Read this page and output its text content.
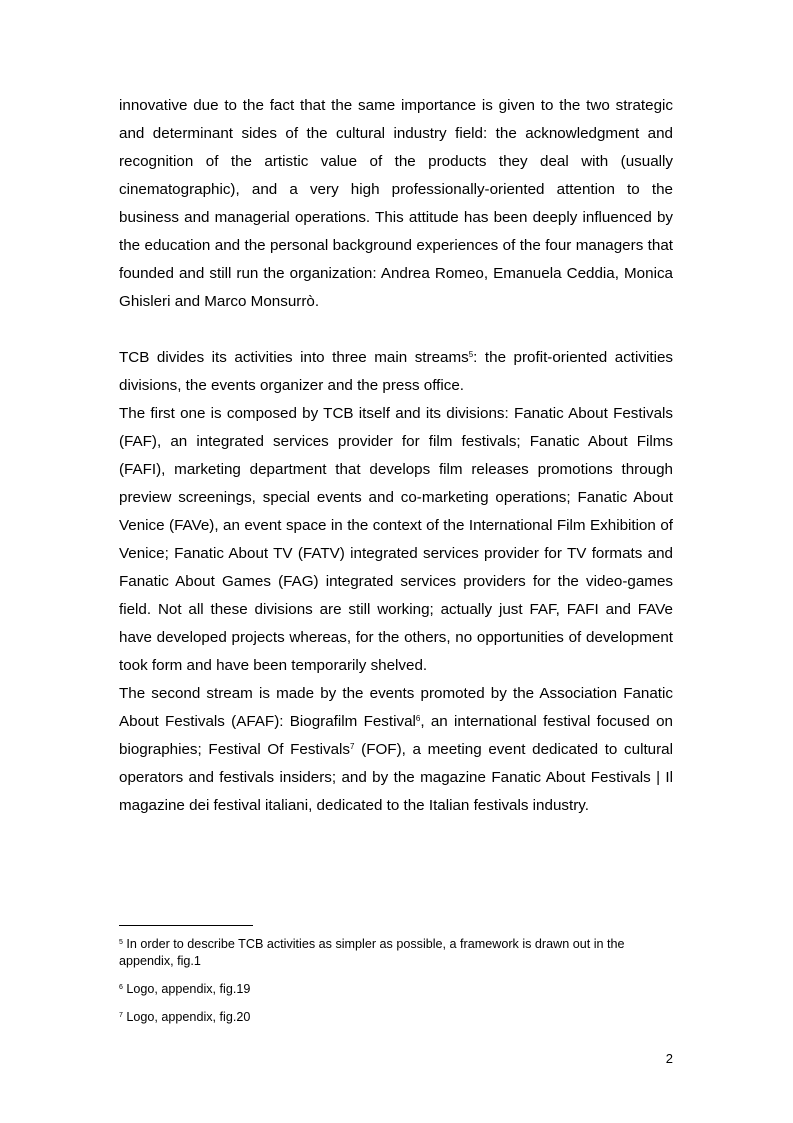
innovative due to the fact that the same importance is given to the two strategic and determinant sides of the cultural industry field: the acknowledgment and recognition of the artistic value of the products they deal with (usually cinematographic), and a very high professionally-oriented attention to the business and managerial operations. This attitude has been deeply influenced by the education and the personal background experiences of the four managers that founded and still run the organization: Andrea Romeo, Emanuela Ceddia, Monica Ghisleri and Marco Monsurrò.

TCB divides its activities into three main streams$^5$: the profit-oriented activities divisions, the events organizer and the press office.

The first one is composed by TCB itself and its divisions: Fanatic About Festivals (FAF), an integrated services provider for film festivals; Fanatic About Films (FAFI), marketing department that develops film releases promotions through preview screenings, special events and co-marketing operations; Fanatic About Venice (FAVe), an event space in the context of the International Film Exhibition of Venice; Fanatic About TV (FATV) integrated services provider for TV formats and Fanatic About Games (FAG) integrated services providers for the video-games field. Not all these divisions are still working; actually just FAF, FAFI and FAVe have developed projects whereas, for the others, no opportunities of development took form and have been temporarily shelved.

The second stream is made by the events promoted by the Association Fanatic About Festivals (AFAF): Biografilm Festival$^6$, an international festival focused on biographies; Festival Of Festivals$^7$ (FOF), a meeting event dedicated to cultural operators and festivals insiders; and by the magazine Fanatic About Festivals | Il magazine dei festival italiani, dedicated to the Italian festivals industry.

$^5$ In order to describe TCB activities as simpler as possible, a framework is drawn out in the appendix, fig.1

$^6$ Logo, appendix, fig.19

$^7$ Logo, appendix, fig.20

2
